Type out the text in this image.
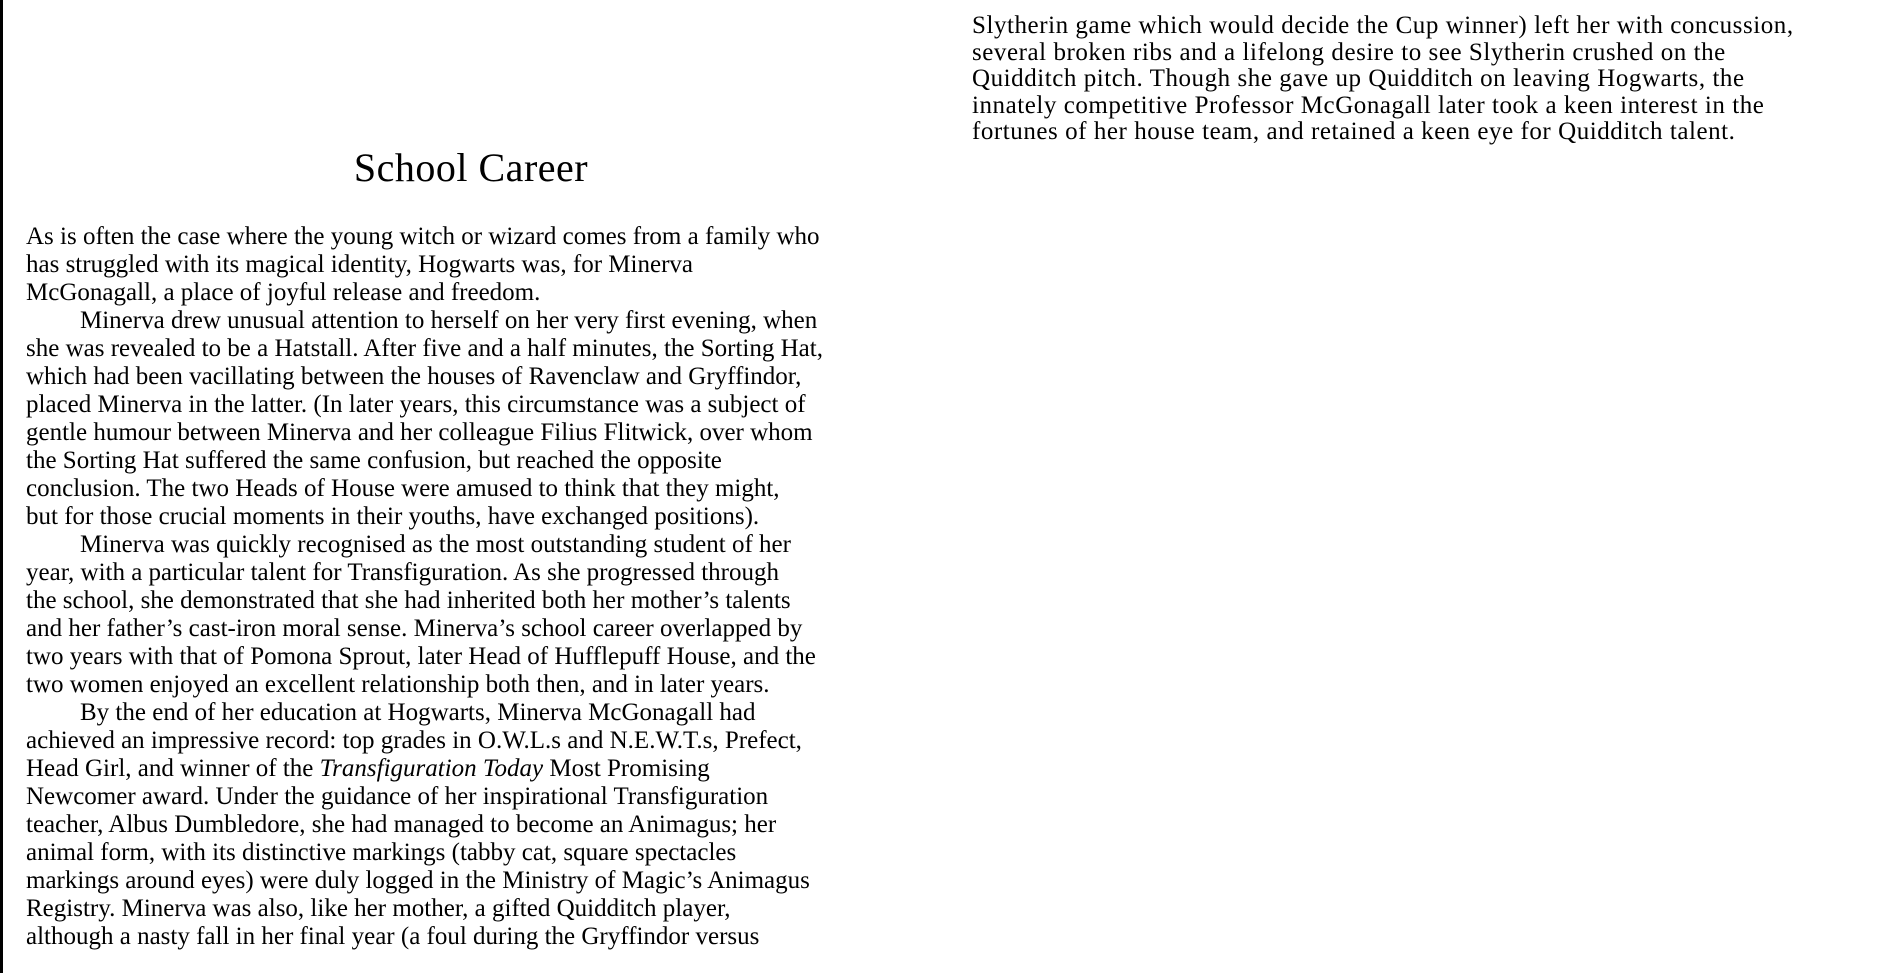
School Career
As is often the case where the young witch or wizard comes from a family who
has struggled with its magical identity, Hogwarts was, for Minerva
McGonagall, a place of joyful release and freedom.
Minerva drew unusual attention to herself on her very first evening, when
she was revealed to be a Hatstall. After five and a half minutes, the Sorting Hat,
which had been vacillating between the houses of Ravenclaw and Gryffindor,
placed Minerva in the latter. (In later years, this circumstance was a subject of
gentle humour between Minerva and her colleague Filius Flitwick, over whom
the Sorting Hat suffered the same confusion, but reached the opposite
conclusion. The two Heads of House were amused to think that they might,
but for those crucial moments in their youths, have exchanged positions).
Minerva was quickly recognised as the most outstanding student of her
year, with a particular talent for Transfiguration. As she progressed through
the school, she demonstrated that she had inherited both her mother’s talents
and her father’s cast-iron moral sense. Minerva’s school career overlapped by
two years with that of Pomona Sprout, later Head of Hufflepuff House, and the
two women enjoyed an excellent relationship both then, and in later years.
By the end of her education at Hogwarts, Minerva McGonagall had
achieved an impressive record: top grades in O.W.L.s and N.E.W.T.s, Prefect,
Head Girl, and winner of the Transfiguration Today Most Promising
Newcomer award. Under the guidance of her inspirational Transfiguration
teacher, Albus Dumbledore, she had managed to become an Animagus; her
animal form, with its distinctive markings (tabby cat, square spectacles
markings around eyes) were duly logged in the Ministry of Magic’s Animagus
Registry. Minerva was also, like her mother, a gifted Quidditch player,
although a nasty fall in her final year (a foul during the Gryffindor versus
Slytherin game which would decide the Cup winner) left her with concussion,
several broken ribs and a lifelong desire to see Slytherin crushed on the
Quidditch pitch. Though she gave up Quidditch on leaving Hogwarts, the
innately competitive Professor McGonagall later took a keen interest in the
fortunes of her house team, and retained a keen eye for Quidditch talent.
